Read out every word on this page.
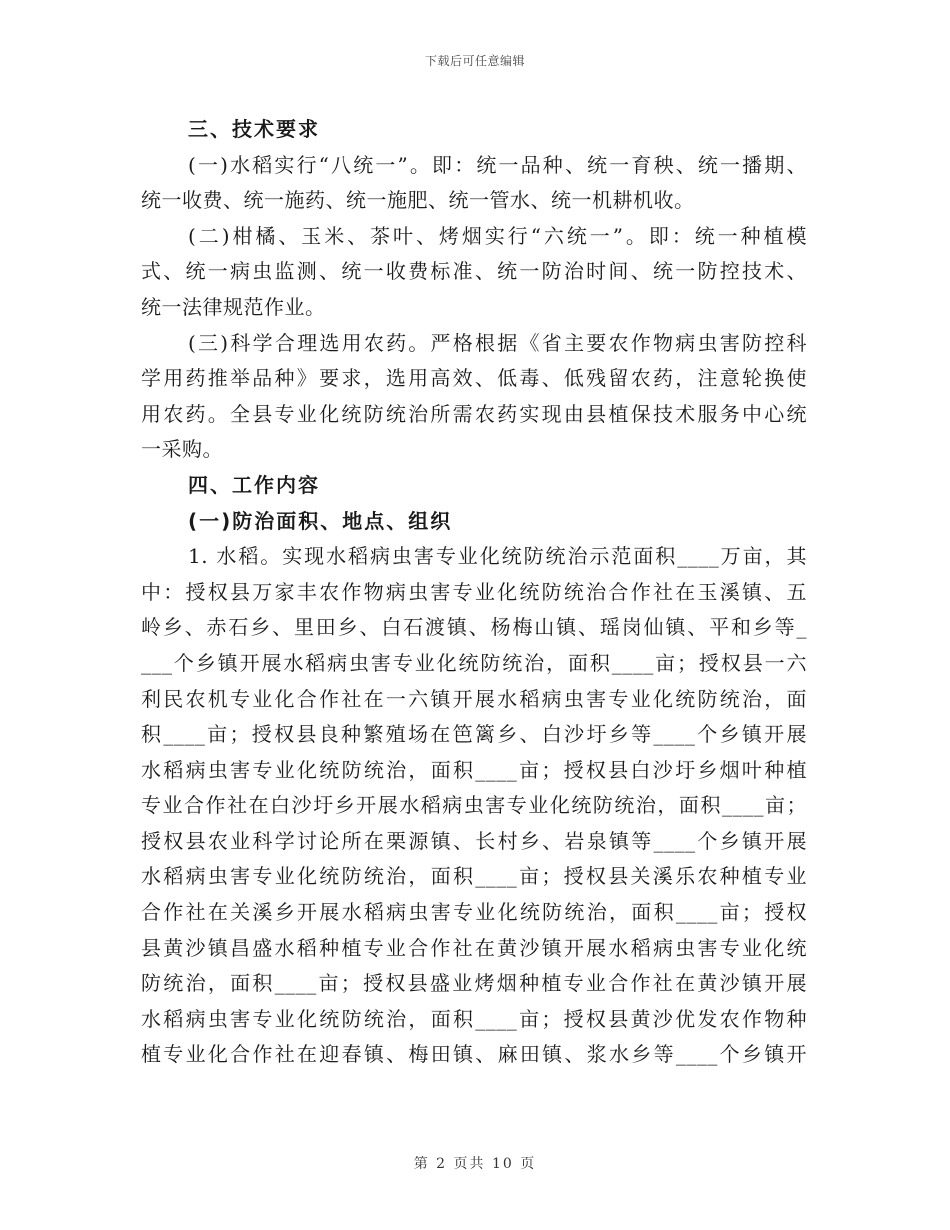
下载后可任意编辑
三、技术要求
(一)水稻实行“八统一”。即：统一品种、统一育秧、统一播期、
统一收费、统一施药、统一施肥、统一管水、统一机耕机收。
(二)柑橘、玉米、茶叶、烤烟实行“六统一”。即：统一种植模
式、统一病虫监测、统一收费标准、统一防治时间、统一防控技术、
统一法律规范作业。
(三)科学合理选用农药。严格根据《省主要农作物病虫害防控科
学用药推举品种》要求，选用高效、低毒、低残留农药，注意轮换使
用农药。全县专业化统防统治所需农药实现由县植保技术服务中心统
一采购。
四、工作内容
(一)防治面积、地点、组织
1. 水稻。实现水稻病虫害专业化统防统治示范面积____万亩，其
中：授权县万家丰农作物病虫害专业化统防统治合作社在玉溪镇、五
岭乡、赤石乡、里田乡、白石渡镇、杨梅山镇、瑶岗仙镇、平和乡等_
___个乡镇开展水稻病虫害专业化统防统治，面积____亩；授权县一六
利民农机专业化合作社在一六镇开展水稻病虫害专业化统防统治，面
积____亩；授权县良种繁殖场在笆篱乡、白沙圩乡等____个乡镇开展
水稻病虫害专业化统防统治，面积____亩；授权县白沙圩乡烟叶种植
专业合作社在白沙圩乡开展水稻病虫害专业化统防统治，面积____亩；
授权县农业科学讨论所在栗源镇、长村乡、岩泉镇等____个乡镇开展
水稻病虫害专业化统防统治，面积____亩；授权县关溪乐农种植专业
合作社在关溪乡开展水稻病虫害专业化统防统治，面积____亩；授权
县黄沙镇昌盛水稻种植专业合作社在黄沙镇开展水稻病虫害专业化统
防统治，面积____亩；授权县盛业烤烟种植专业合作社在黄沙镇开展
水稻病虫害专业化统防统治，面积____亩；授权县黄沙优发农作物种
植专业化合作社在迎春镇、梅田镇、麻田镇、浆水乡等____个乡镇开
第 2 页共 10 页
